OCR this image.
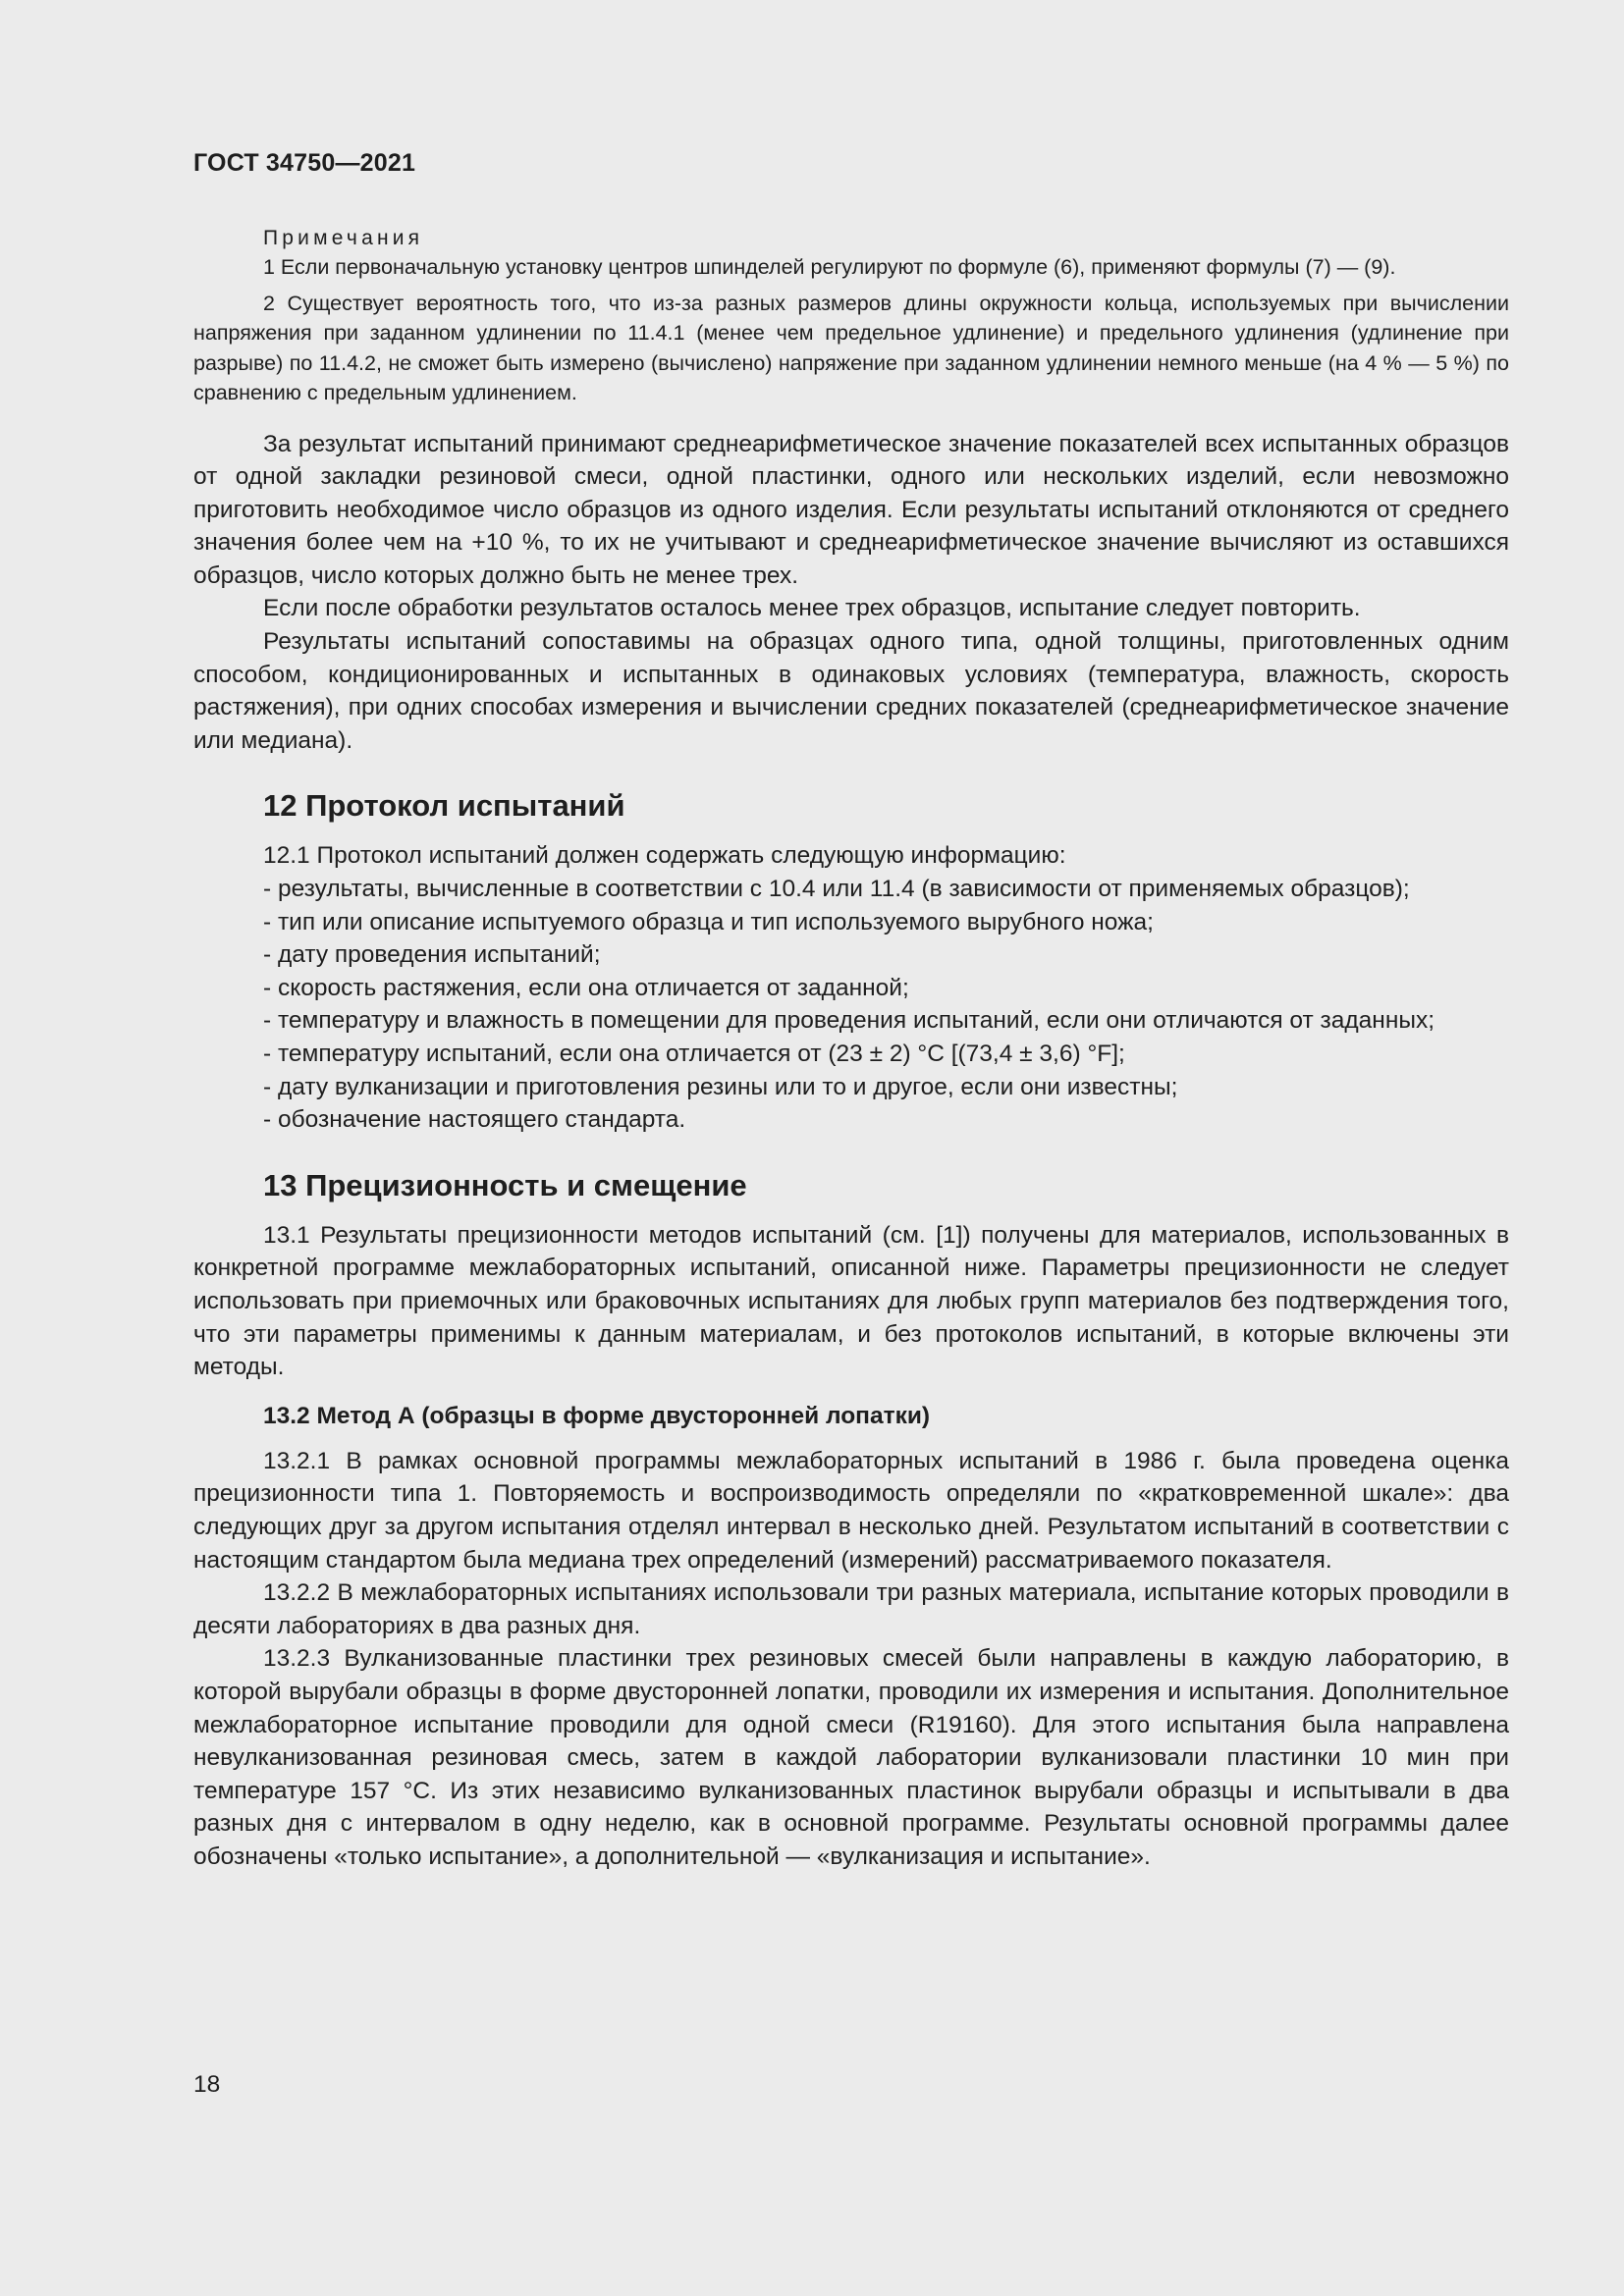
ГОСТ 34750—2021

Примечания

1 Если первоначальную установку центров шпинделей регулируют по формуле (6), применяют формулы (7) — (9).

2 Существует вероятность того, что из-за разных размеров длины окружности кольца, используемых при вычислении напряжения при заданном удлинении по 11.4.1 (менее чем предельное удлинение) и предельного удлинения (удлинение при разрыве) по 11.4.2, не сможет быть измерено (вычислено) напряжение при заданном удлинении немного меньше (на 4 % — 5 %) по сравнению с предельным удлинением.

За результат испытаний принимают среднеарифметическое значение показателей всех испытанных образцов от одной закладки резиновой смеси, одной пластинки, одного или нескольких изделий, если невозможно приготовить необходимое число образцов из одного изделия. Если результаты испытаний отклоняются от среднего значения более чем на +10 %, то их не учитывают и среднеарифметическое значение вычисляют из оставшихся образцов, число которых должно быть не менее трех.

Если после обработки результатов осталось менее трех образцов, испытание следует повторить.

Результаты испытаний сопоставимы на образцах одного типа, одной толщины, приготовленных одним способом, кондиционированных и испытанных в одинаковых условиях (температура, влажность, скорость растяжения), при одних способах измерения и вычислении средних показателей (среднеарифметическое значение или медиана).

12 Протокол испытаний

12.1 Протокол испытаний должен содержать следующую информацию:

- результаты, вычисленные в соответствии с 10.4 или 11.4 (в зависимости от применяемых образцов);

- тип или описание испытуемого образца и тип используемого вырубного ножа;

- дату проведения испытаний;

- скорость растяжения, если она отличается от заданной;

- температуру и влажность в помещении для проведения испытаний, если они отличаются от заданных;

- температуру испытаний, если она отличается от (23 ± 2) °С [(73,4 ± 3,6) °F];

- дату вулканизации и приготовления резины или то и другое, если они известны;

- обозначение настоящего стандарта.

13 Прецизионность и смещение

13.1 Результаты прецизионности методов испытаний (см. [1]) получены для материалов, использованных в конкретной программе межлабораторных испытаний, описанной ниже. Параметры прецизионности не следует использовать при приемочных или браковочных испытаниях для любых групп материалов без подтверждения того, что эти параметры применимы к данным материалам, и без протоколов испытаний, в которые включены эти методы.

13.2 Метод А (образцы в форме двусторонней лопатки)

13.2.1 В рамках основной программы межлабораторных испытаний в 1986 г. была проведена оценка прецизионности типа 1. Повторяемость и воспроизводимость определяли по «кратковременной шкале»: два следующих друг за другом испытания отделял интервал в несколько дней. Результатом испытаний в соответствии с настоящим стандартом была медиана трех определений (измерений) рассматриваемого показателя.

13.2.2 В межлабораторных испытаниях использовали три разных материала, испытание которых проводили в десяти лабораториях в два разных дня.

13.2.3 Вулканизованные пластинки трех резиновых смесей были направлены в каждую лабораторию, в которой вырубали образцы в форме двусторонней лопатки, проводили их измерения и испытания. Дополнительное межлабораторное испытание проводили для одной смеси (R19160). Для этого испытания была направлена невулканизованная резиновая смесь, затем в каждой лаборатории вулканизовали пластинки 10 мин при температуре 157 °С. Из этих независимо вулканизованных пластинок вырубали образцы и испытывали в два разных дня с интервалом в одну неделю, как в основной программе. Результаты основной программы далее обозначены «только испытание», а дополнительной — «вулканизация и испытание».

18
